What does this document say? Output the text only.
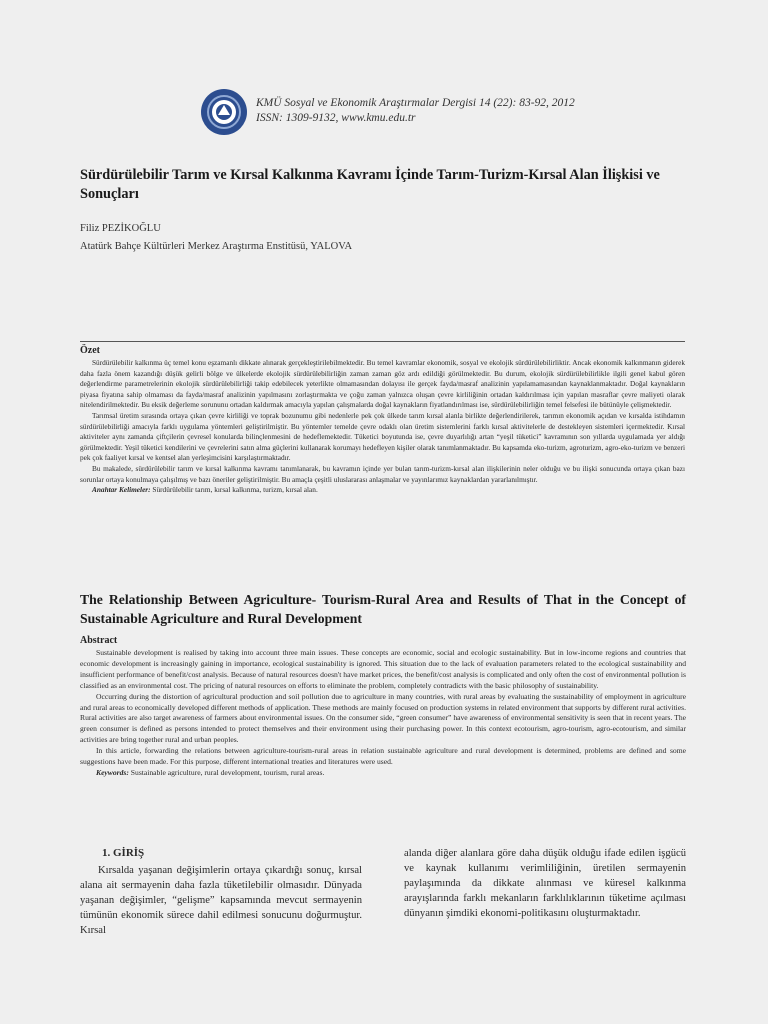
KMÜ Sosyal ve Ekonomik Araştırmalar Dergisi 14 (22): 83-92, 2012
ISSN: 1309-9132, www.kmu.edu.tr
Sürdürülebilir Tarım ve Kırsal Kalkınma Kavramı İçinde Tarım-Turizm-Kırsal Alan İlişkisi ve Sonuçları
Filiz PEZİKOĞLU
Atatürk Bahçe Kültürleri Merkez Araştırma Enstitüsü, YALOVA
Özet

Sürdürülebilir kalkınma üç temel konu eşzamanlı dikkate alınarak gerçekleştirilebilmektedir. Bu temel kavramlar ekonomik, sosyal ve ekolojik sürdürülebilirliktir. Ancak ekonomik kalkınmanın giderek daha fazla önem kazandığı düşük gelirli bölge ve ülkelerde ekolojik sürdürülebilirliğin zaman zaman göz ardı edildiği görülmektedir. Bu durum, ekolojik sürdürülebilirlikle ilgili genel kabul gören değerlendirme parametrelerinin ekolojik sürdürülebilirliği takip edebilecek yeterlikte olmamasından dolayısı ile gerçek fayda/masraf analizinin yapılamamasından kaynaklanmaktadır. Doğal kaynakların piyasa fiyatına sahip olmaması da fayda/masraf analizinin yapılmasını zorlaştırmakta ve çoğu zaman yalnızca oluşan çevre kirliliğinin ortadan kaldırılması için yapılan masraflar çevre maliyeti olarak nitelendirilmektedir. Bu eksik değerleme sorununu ortadan kaldırmak amacıyla yapılan çalışmalarda doğal kaynakların fiyatlandırılması ise, sürdürülebilirliğin temel felsefesi ile bütünüyle çelişmektedir.

Tarımsal üretim sırasında ortaya çıkan çevre kirliliği ve toprak bozunumu gibi nedenlerle pek çok ülkede tarım kırsal alanla birlikte değerlendirilerek, tarımın ekonomik açıdan ve kırsalda istihdamın sürdürülebilirliği amacıyla farklı uygulama yöntemleri geliştirilmiştir. Bu yöntemler temelde çevre odaklı olan üretim sistemlerini farklı kırsal aktivitelerle de destekleyen sistemleri içermektedir. Kırsal aktiviteler aynı zamanda çiftçilerin çevresel konularda bilinçlenmesini de hedeflemektedir. Tüketici boyutunda ise, çevre duyarlılığı artan “yeşil tüketici” kavramının son yıllarda uygulamada yer aldığı görülmektedir. Yeşil tüketici kendilerini ve çevrelerini satın alma güçlerini kullanarak korumayı hedefleyen kişiler olarak tanımlanmaktadır. Bu kapsamda eko-turizm, agroturizm, agro-eko-turizm ve benzeri pek çok faaliyet kırsal ve kentsel alan yerleşimcisini karşılaştırmaktadır.

Bu makalede, sürdürülebilir tarım ve kırsal kalkınma kavramı tanımlanarak, bu kavramın içinde yer bulan tarım-turizm-kırsal alan ilişkilerinin neler olduğu ve bu ilişki sonucunda ortaya çıkan bazı sorunlar ortaya konulmaya çalışılmış ve bazı öneriler geliştirilmiştir. Bu amaçla çeşitli uluslararası anlaşmalar ve yayınlarımız kaynaklardan yararlanılmıştır.

Anahtar Kelimeler: Sürdürülebilir tarım, kırsal kalkınma, turizm, kırsal alan.

The Relationship Between Agriculture- Tourism-Rural Area and Results of That in the Concept of Sustainable Agriculture and Rural Development
Abstract

Sustainable development is realised by taking into account three main issues. These concepts are economic, social and ecologic sustainability. But in low-income regions and countries that economic development is increasingly gaining in importance, ecological sustainability is ignored. This situation due to the lack of evaluation parameters related to the ecological sustainability and insufficient performance of benefit/cost analysis. Because of natural resources doesn't have market prices, the benefit/cost analysis is complicated and only often the cost of environmental pollution is classified as an environmental cost. The pricing of natural resources on efforts to eliminate the problem, completely contradicts with the basic philosophy of sustainability.

Occurring during the distortion of agricultural production and soil pollution due to agriculture in many countries, with rural areas by evaluating the sustainability of employment in agriculture and rural areas to economically developed different methods of application. These methods are mainly focused on production systems in related environment that supports by different rural activities. Rural activities are also target awareness of farmers about environmental issues. On the consumer side, “green consumer” have awareness of environmental sensitivity is seen that in recent years. The green consumer is defined as persons intended to protect themselves and their environment using their purchasing power. In this context ecotourism, agro-tourism, agro-ecotourism, and similar activities are bring together rural and urban peoples.

In this article, forwarding the relations between agriculture-tourism-rural areas in relation sustainable agriculture and rural development is determined, problems are defined and some suggestions have been made. For this purpose, different international treaties and literatures were used.

Keywords: Sustainable agriculture, rural development, tourism, rural areas.

1. GİRİŞ

Kırsalda yaşanan değişimlerin ortaya çıkardığı sonuç, kırsal alana ait sermayenin daha fazla tüketilebilir olmasıdır. Dünyada yaşanan değişimler, “gelişme” kapsamında mevcut sermayenin tümünün ekonomik sürece dahil edilmesi sonucunu doğurmuştur. Kırsal

alanda diğer alanlara göre daha düşük olduğu ifade edilen işgücü ve kaynak kullanımı verimliliğinin, üretilen sermayenin paylaşımında da dikkate alınması ve küresel kalkınma arayışlarında farklı mekanların farklılıklarının tüketime açılması dünyanın şimdiki ekonomi-politikasını oluşturmaktadır.
